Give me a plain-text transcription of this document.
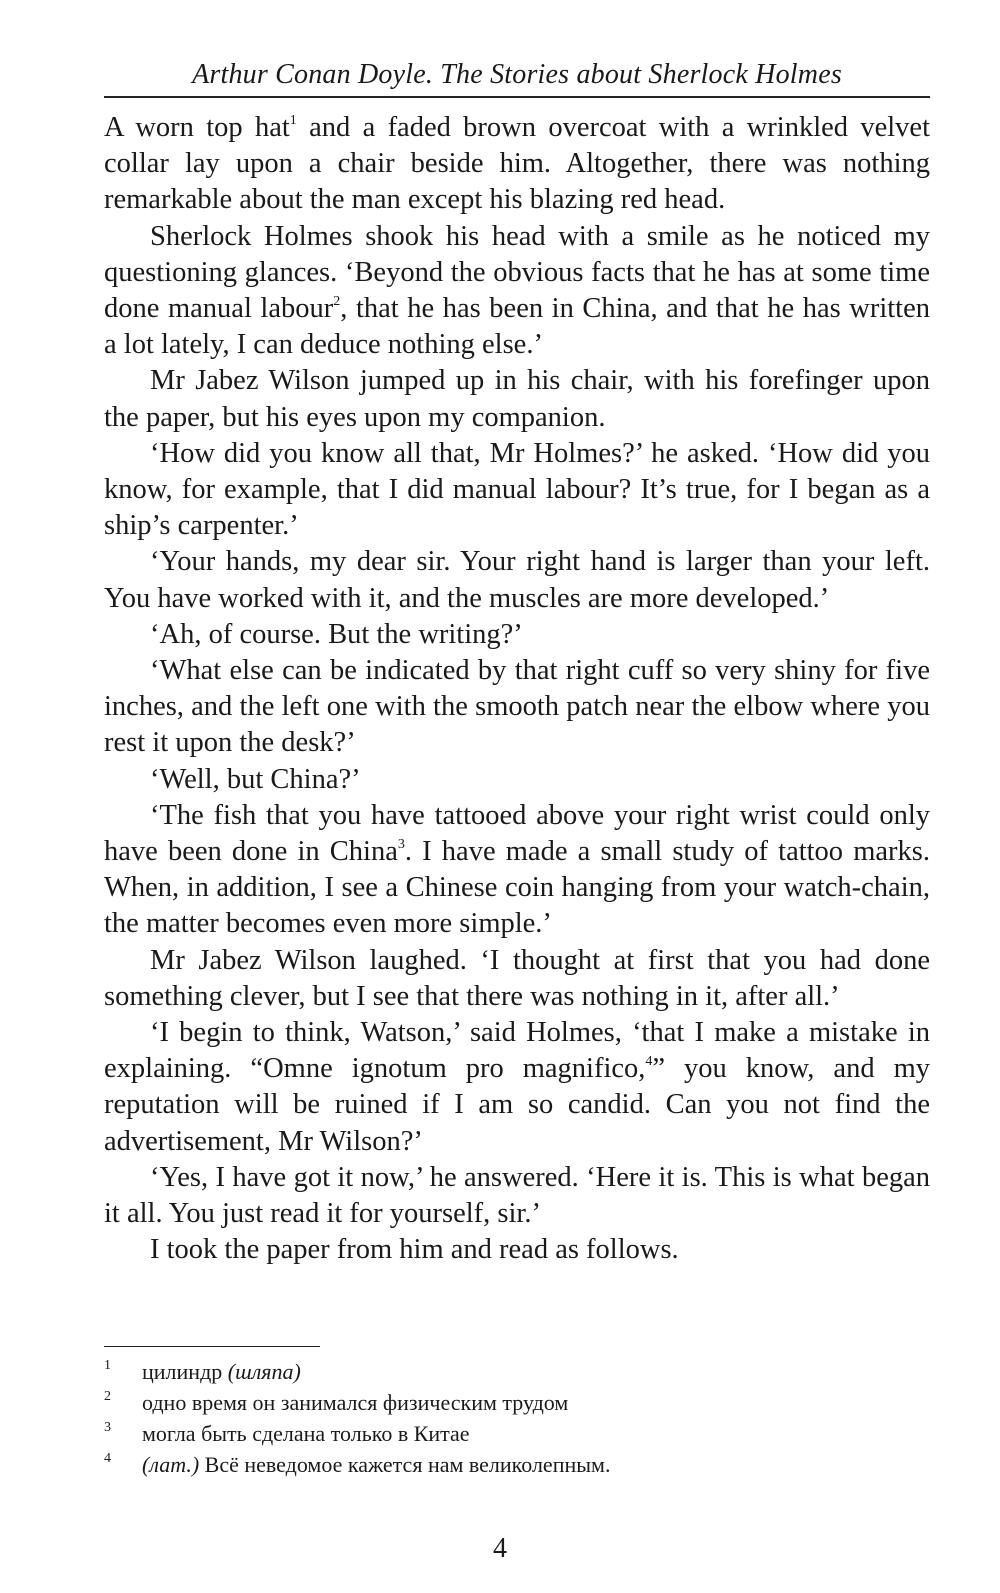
Arthur Conan Doyle. The Stories about Sherlock Holmes

A worn top hat$^1$ and a faded brown overcoat with a wrinkled velvet collar lay upon a chair beside him. Altogether, there was nothing remarkable about the man except his blazing red head.

Sherlock Holmes shook his head with a smile as he noticed my questioning glances. ‘Beyond the obvious facts that he has at some time done manual labour$^2$, that he has been in China, and that he has written a lot lately, I can deduce nothing else.’

Mr Jabez Wilson jumped up in his chair, with his forefinger upon the paper, but his eyes upon my companion.

‘How did you know all that, Mr Holmes?’ he asked. ‘How did you know, for example, that I did manual labour? It’s true, for I began as a ship’s carpenter.’

‘Your hands, my dear sir. Your right hand is larger than your left. You have worked with it, and the muscles are more developed.’

‘Ah, of course. But the writing?’

‘What else can be indicated by that right cuff so very shiny for five inches, and the left one with the smooth patch near the elbow where you rest it upon the desk?’

‘Well, but China?’

‘The fish that you have tattooed above your right wrist could only have been done in China$^3$. I have made a small study of tattoo marks. When, in addition, I see a Chinese coin hanging from your watch-chain, the matter becomes even more simple.’

Mr Jabez Wilson laughed. ‘I thought at first that you had done something clever, but I see that there was nothing in it, after all.’

‘I begin to think, Watson,’ said Holmes, ‘that I make a mistake in explaining. “Omne ignotum pro magnifico,$^4$” you know, and my reputation will be ruined if I am so candid. Can you not find the advertisement, Mr Wilson?’

‘Yes, I have got it now,’ he answered. ‘Here it is. This is what began it all. You just read it for yourself, sir.’

I took the paper from him and read as follows.

1 цилиндр (шляпа)
2 одно время он занимался физическим трудом
3 могла быть сделана только в Китае
4 (лат.) Всё неведомое кажется нам великолепным.
4
